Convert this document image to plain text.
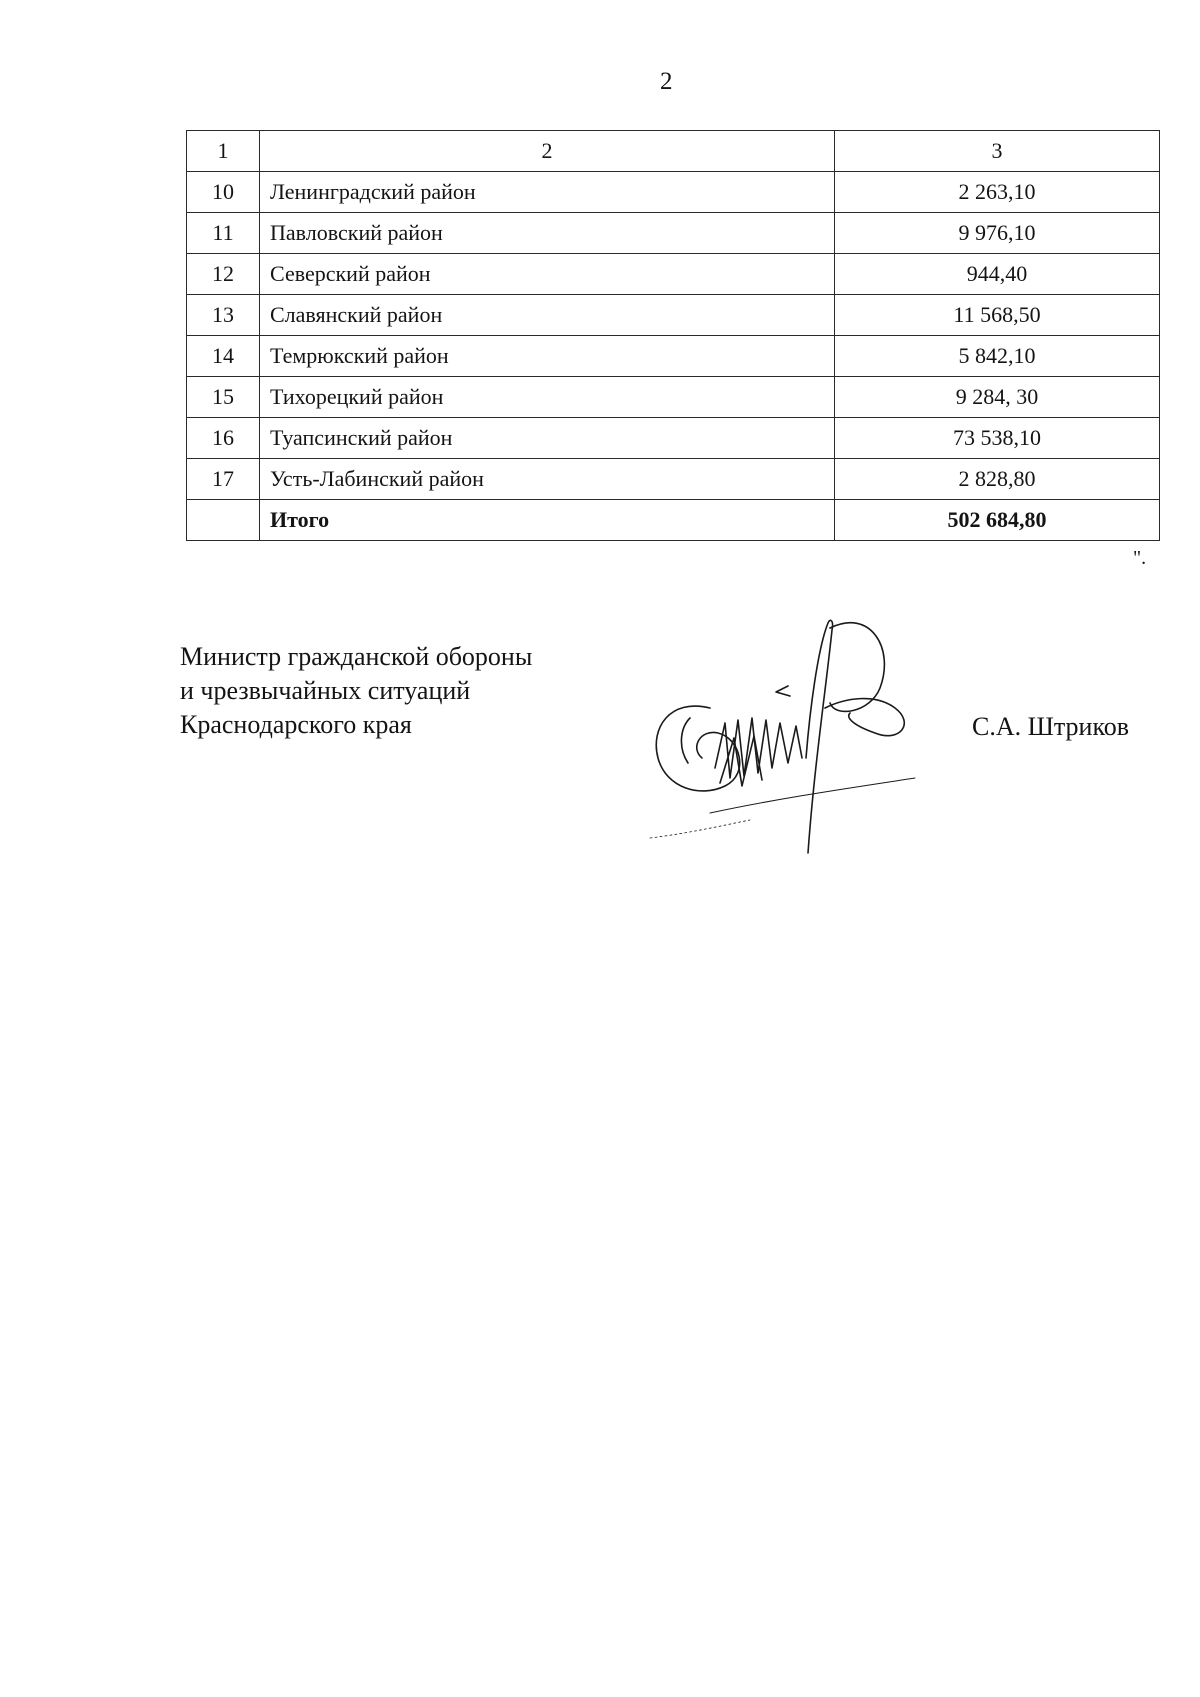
2
1	2	3
10	Ленинградский район	2 263,10
11	Павловский район	9 976,10
12	Северский район	944,40
13	Славянский район	11 568,50
14	Темрюкский район	5 842,10
15	Тихорецкий район	9 284, 30
16	Туапсинский район	73 538,10
17	Усть-Лабинский район	2 828,80
	Итого	502 684,80
".
Министр гражданской обороны
и чрезвычайных ситуаций
Краснодарского края	С.А. Штриков
